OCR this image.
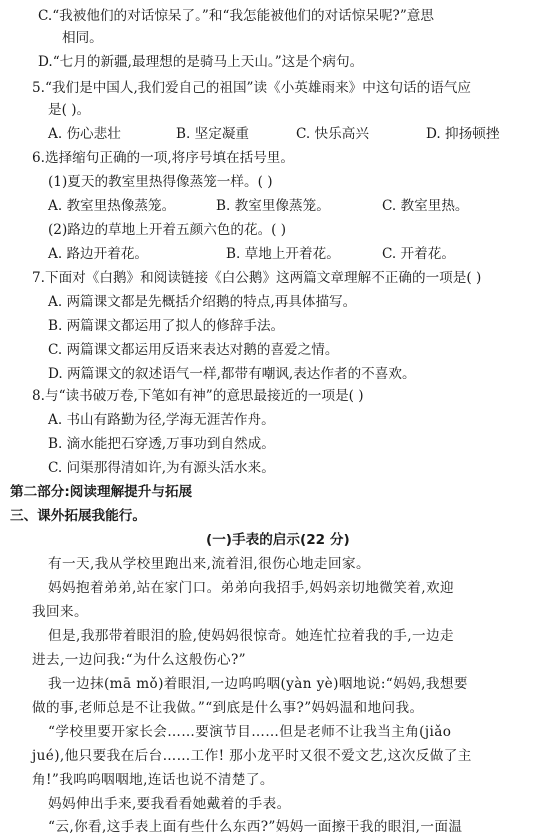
C.“我被他们的对话惊呆了。”和“我怎能被他们的对话惊呆呢?”意思
相同。
D.“七月的新疆,最理想的是骑马上天山。”这是个病句。
5.“我们是中国人,我们爱自己的祖国”读《小英雄雨来》中这句话的语气应
是( )。
A. 伤心悲壮	B. 坚定凝重	C. 快乐高兴	D. 抑扬顿挫
6.选择缩句正确的一项,将序号填在括号里。
(1)夏天的教室里热得像蒸笼一样。( )
A. 教室里热像蒸笼。	B. 教室里像蒸笼。	C. 教室里热。
(2)路边的草地上开着五颜六色的花。( )
A. 路边开着花。	B. 草地上开着花。	C. 开着花。
7.下面对《白鹅》和阅读链接《白公鹅》这两篇文章理解不正确的一项是( )
A. 两篇课文都是先概括介绍鹅的特点,再具体描写。
B. 两篇课文都运用了拟人的修辞手法。
C. 两篇课文都运用反语来表达对鹅的喜爱之情。
D. 两篇课文的叙述语气一样,都带有嘲讽,表达作者的不喜欢。
8.与“读书破万卷,下笔如有神”的意思最接近的一项是( )
A. 书山有路勤为径,学海无涯苦作舟。
B. 滴水能把石穿透,万事功到自然成。
C. 问渠那得清如许,为有源头活水来。
第二部分:阅读理解提升与拓展
三、课外拓展我能行。
(一)手表的启示(22 分)
有一天,我从学校里跑出来,流着泪,很伤心地走回家。
妈妈抱着弟弟,站在家门口。弟弟向我招手,妈妈亲切地微笑着,欢迎
我回来。
但是,我那带着眼泪的脸,使妈妈很惊奇。她连忙拉着我的手,一边走
进去,一边问我:“为什么这般伤心?”
我一边抹(mā mǒ)着眼泪,一边呜呜咽(yàn yè)咽地说:“妈妈,我想要
做的事,老师总是不让我做。”“到底是什么事?”妈妈温和地问我。
“学校里要开家长会……要演节目……但是老师不让我当主角(jiǎo
jué),他只要我在后台……工作! 那小龙平时又很不爱文艺,这次反做了主
角!”我呜呜咽咽地,连话也说不清楚了。
妈妈伸出手来,要我看看她戴着的手表。
“云,你看,这手表上面有些什么东西?”妈妈一面擦干我的眼泪,一面温
